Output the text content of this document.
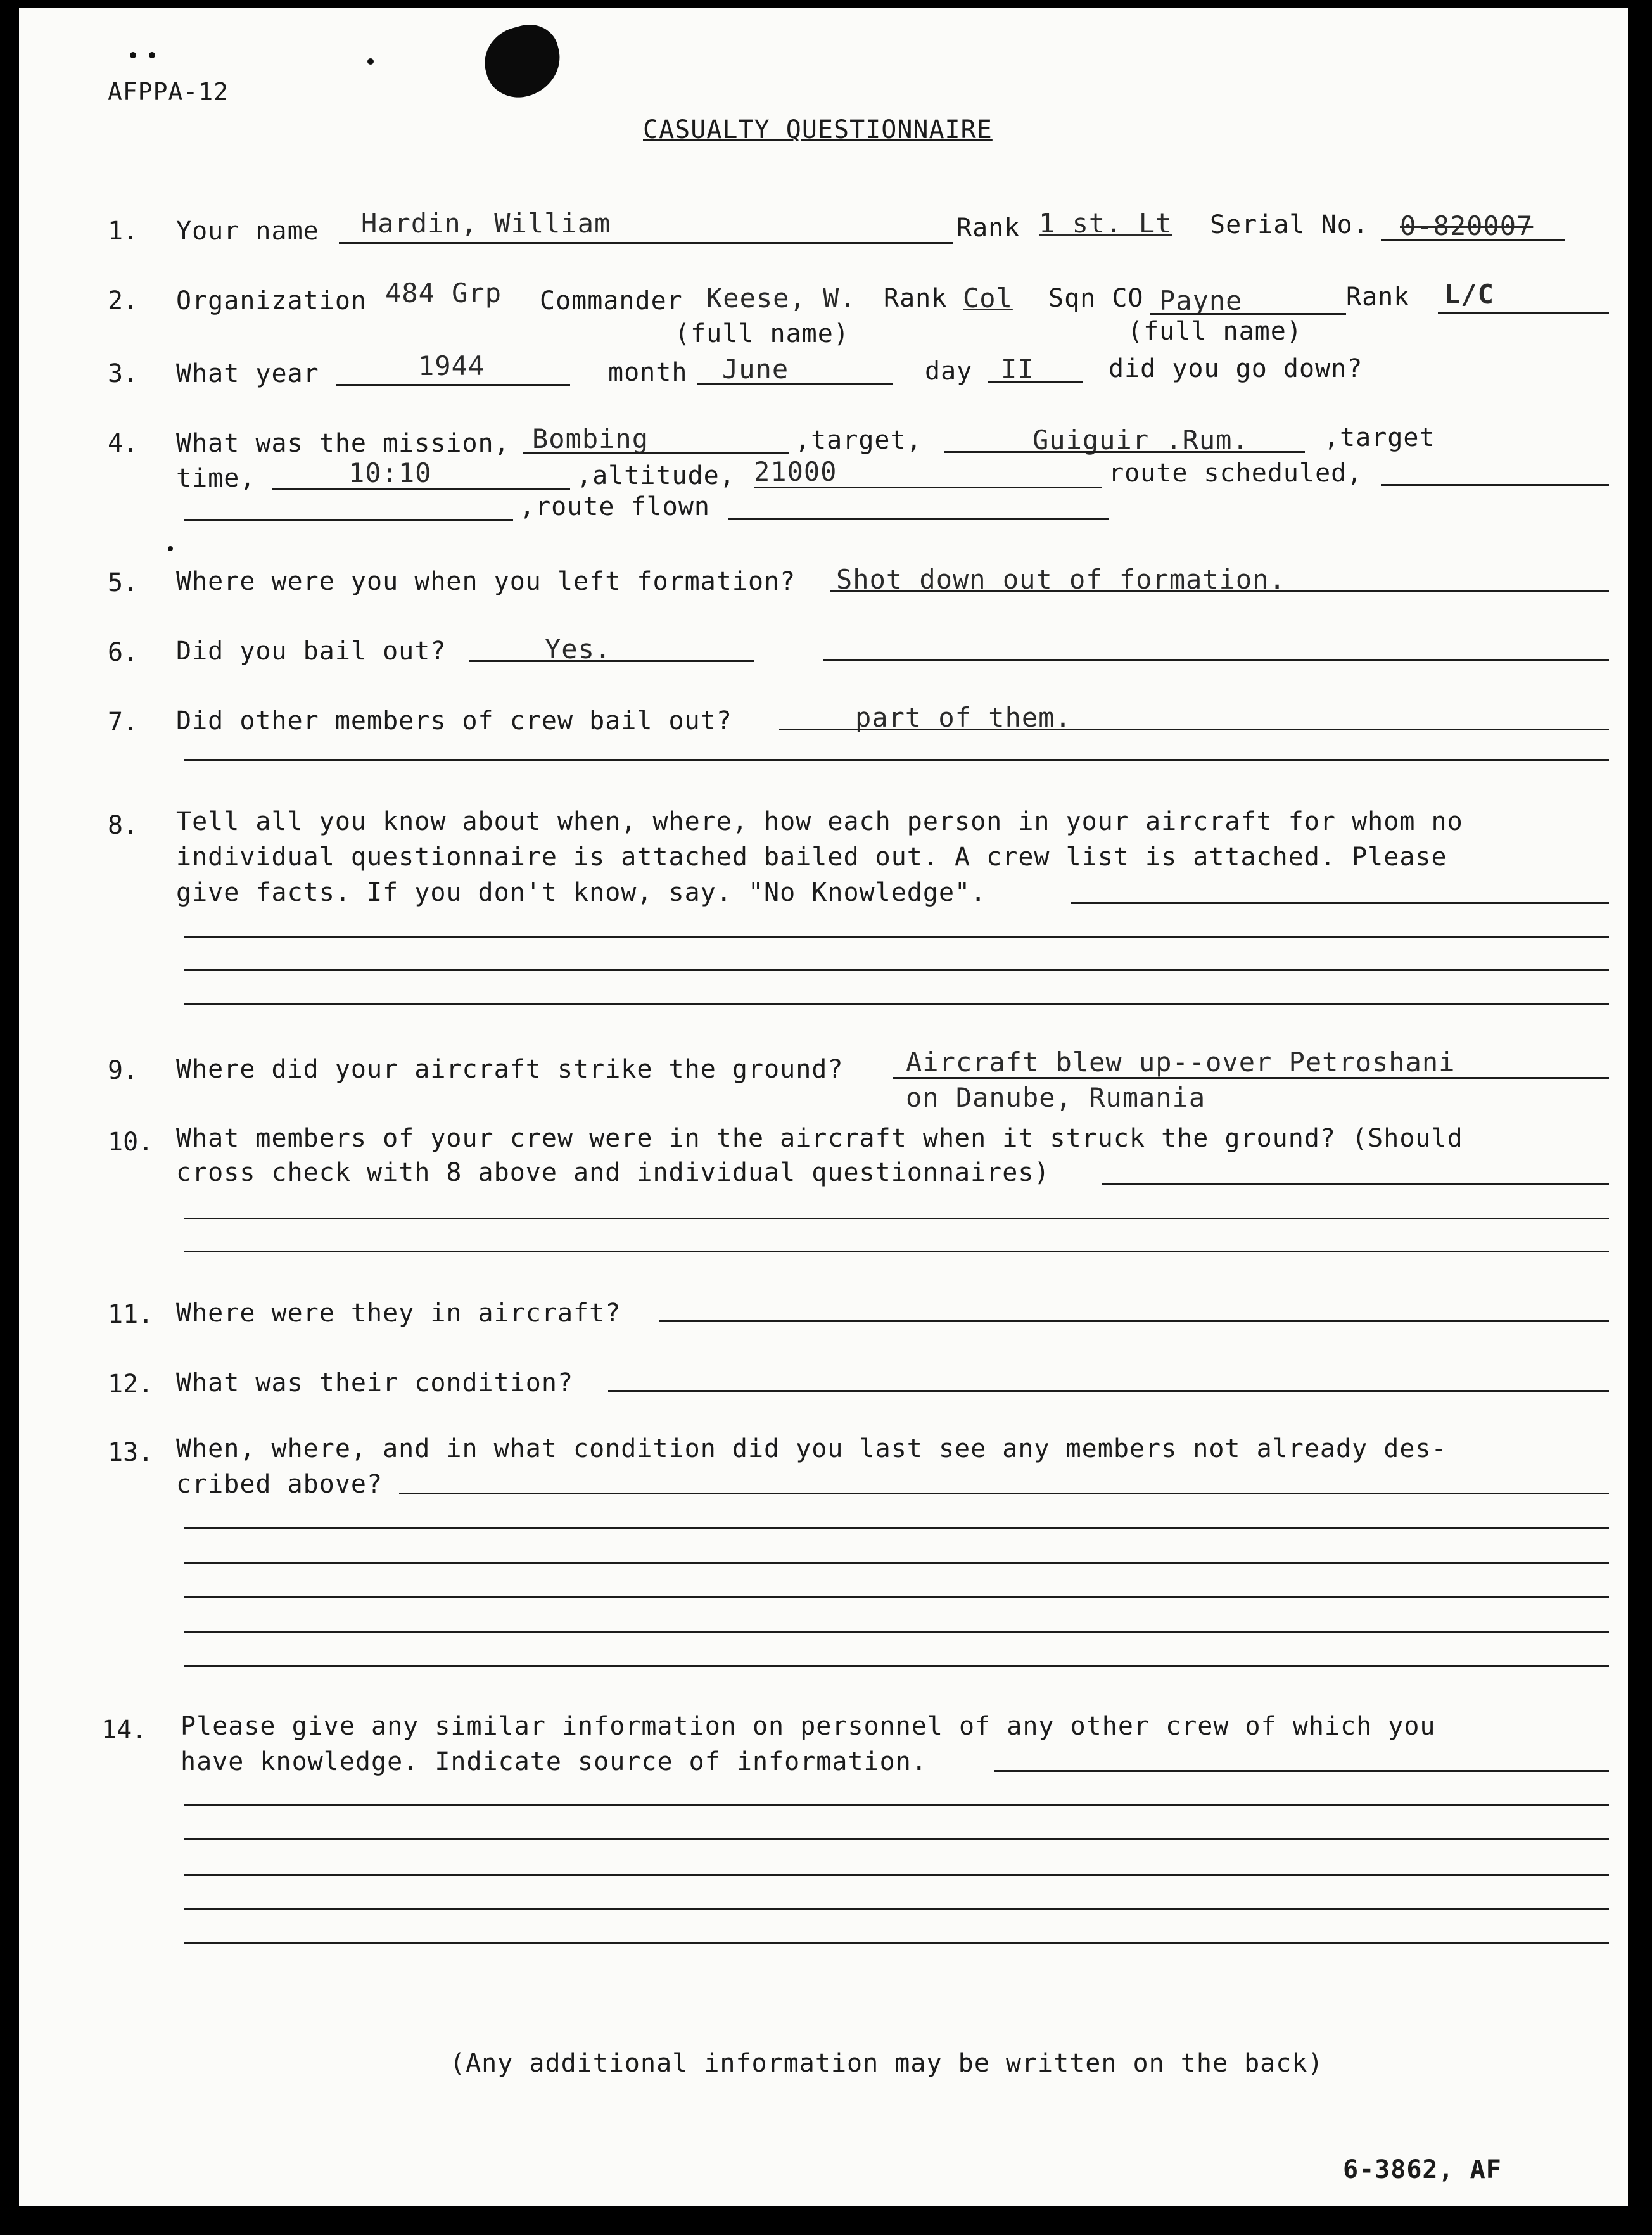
AFPPA-12
CASUALTY QUESTIONNAIRE
1.	Your name Hardin, William	Rank 1 st. Lt Serial No. 0-820007
2.	Organization 484 Grp Commander Keese, W. Rank Col Sqn CO Payne	Rank L/C
(full name)	(full name)
3.	What year	1944	month June	day II	did you go down?
4.	What was the mission, Bombing	,target,	Guiguir .Rum.	,target
time,	10:10	,altitude, 21000	route scheduled,
,route flown
5.	Where were you when you left formation? Shot down out of formation.
6.	Did you bail out?	Yes.
7.	Did other members of crew bail out?	part of them.
8.	Tell all you know about when, where, how each person in your aircraft for whom no
individual questionnaire is attached bailed out. A crew list is attached. Please
give facts. If you don't know, say. "No Knowledge".
9.	Where did your aircraft strike the ground? Aircraft blew up--over Petroshani
on Danube, Rumania
10. What members of your crew were in the aircraft when it struck the ground? (Should
cross check with 8 above and individual questionnaires)
11. Where were they in aircraft?
12. What was their condition?
13. When, where, and in what condition did you last see any members not already des-
cribed above?
14.	Please give any similar information on personnel of any other crew of which you
have knowledge. Indicate source of information.
(Any additional information may be written on the back)
6-3862, AF
